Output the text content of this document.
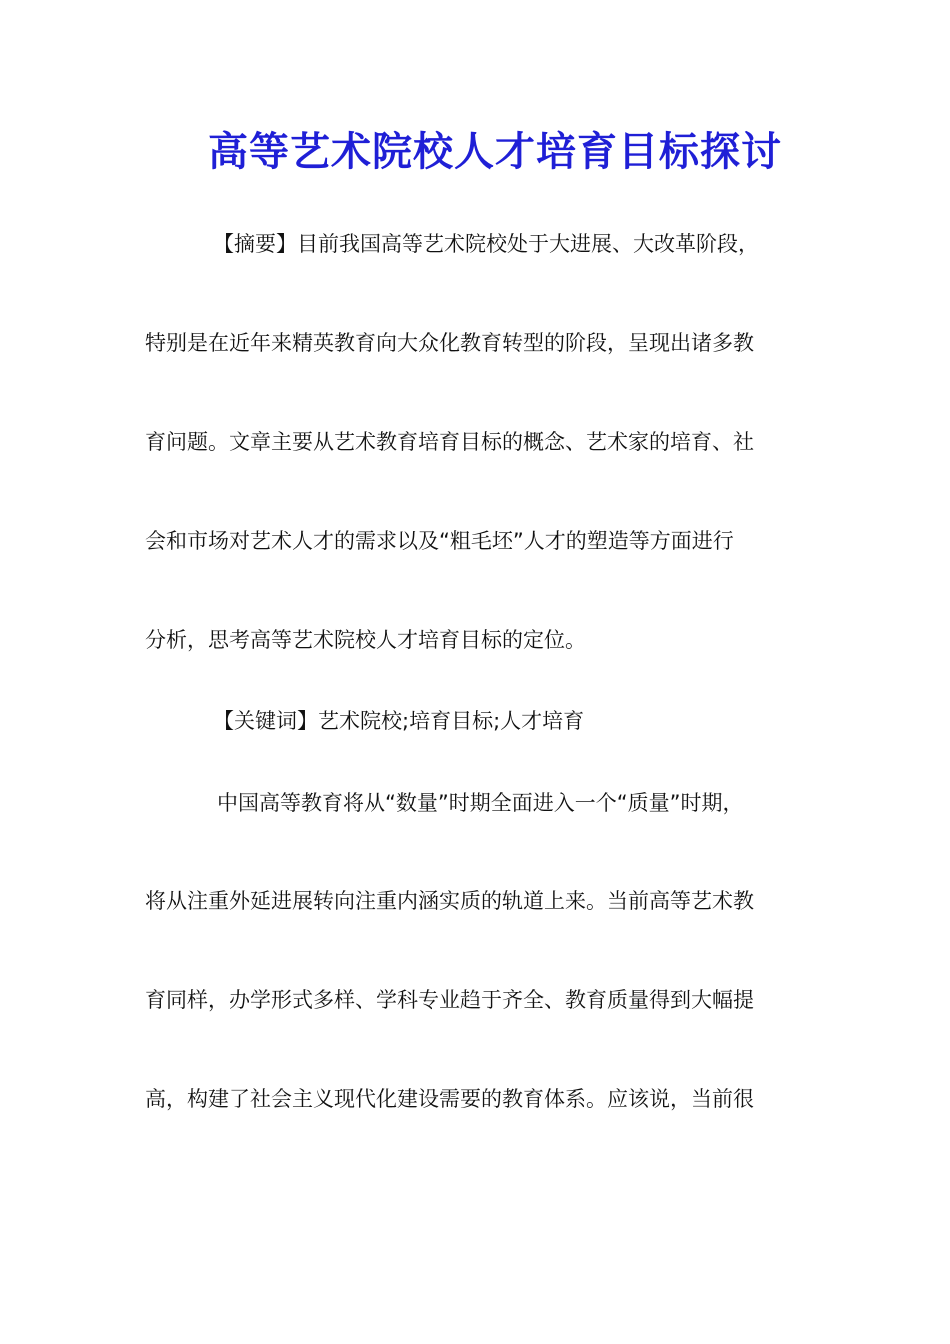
高等艺术院校人才培育目标探讨
【摘要】目前我国高等艺术院校处于大进展、大改革阶段，
特别是在近年来精英教育向大众化教育转型的阶段，呈现出诸多教
育问题。文章主要从艺术教育培育目标的概念、艺术家的培育、社
会和市场对艺术人才的需求以及“粗毛坯”人才的塑造等方面进行
分析，思考高等艺术院校人才培育目标的定位。
【关键词】艺术院校;培育目标;人才培育
中国高等教育将从“数量”时期全面进入一个“质量”时期，
将从注重外延进展转向注重内涵实质的轨道上来。当前高等艺术教
育同样，办学形式多样、学科专业趋于齐全、教育质量得到大幅提
高，构建了社会主义现代化建设需要的教育体系。应该说，当前很
